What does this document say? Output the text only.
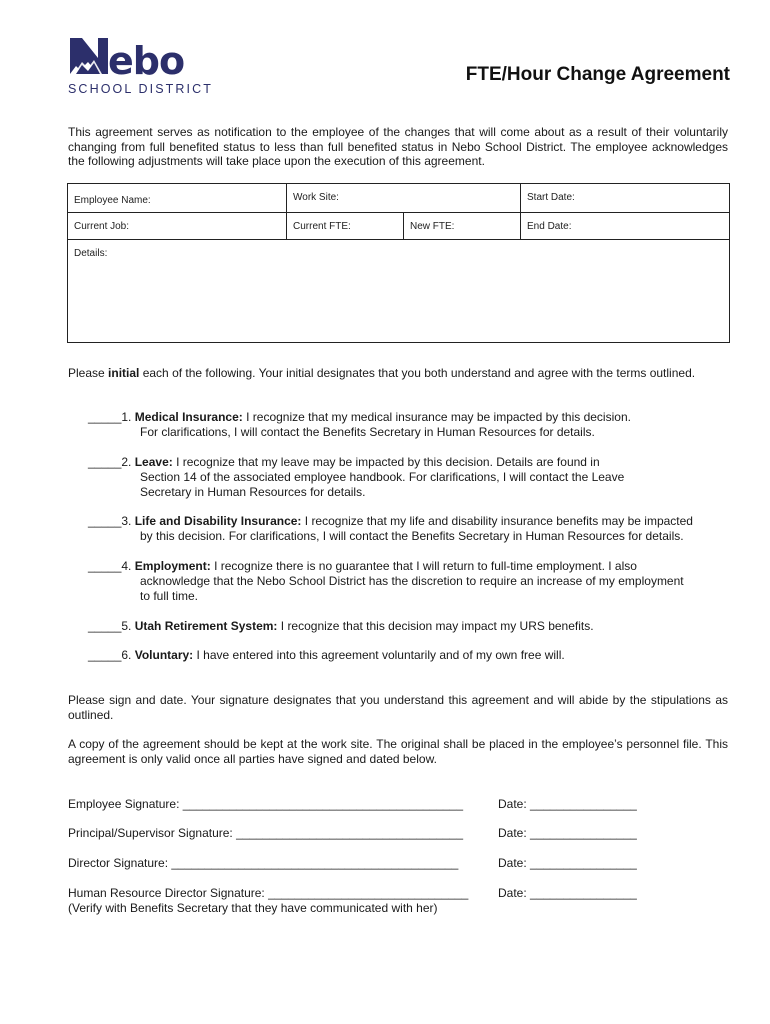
ebo
SCHOOL DISTRICT
FTE/Hour Change Agreement
This agreement serves as notification to the employee of the changes that will come about as a result of their voluntarily changing from full benefited status to less than full benefited status in Nebo School District. The employee acknowledges the following adjustments will take place upon the execution of this agreement.
Employee Name:	Work Site:		Start Date:
Current Job:	Current FTE:	New FTE:	End Date:
Details:			
Please initial each of the following. Your initial designates that you both understand and agree with the terms outlined.
_____1. Medical Insurance: I recognize that my medical insurance may be impacted by this decision.
For clarifications, I will contact the Benefits Secretary in Human Resources for details.
_____2. Leave: I recognize that my leave may be impacted by this decision. Details are found in
Section 14 of the associated employee handbook. For clarifications, I will contact the Leave
Secretary in Human Resources for details.
_____3. Life and Disability Insurance: I recognize that my life and disability insurance benefits may be impacted
by this decision. For clarifications, I will contact the Benefits Secretary in Human Resources for details.
_____4. Employment: I recognize there is no guarantee that I will return to full-time employment. I also
acknowledge that the Nebo School District has the discretion to require an increase of my employment
to full time.
_____5. Utah Retirement System: I recognize that this decision may impact my URS benefits.
_____6. Voluntary: I have entered into this agreement voluntarily and of my own free will.
Please sign and date. Your signature designates that you understand this agreement and will abide by the stipulations as outlined.
A copy of the agreement should be kept at the work site. The original shall be placed in the employee’s personnel file. This agreement is only valid once all parties have signed and dated below.
Employee Signature: __________________________________________	Date: ________________
Principal/Supervisor Signature: __________________________________	Date: ________________
Director Signature: ___________________________________________	Date: ________________
Human Resource Director Signature: ______________________________ Date: ________________
(Verify with Benefits Secretary that they have communicated with her)
